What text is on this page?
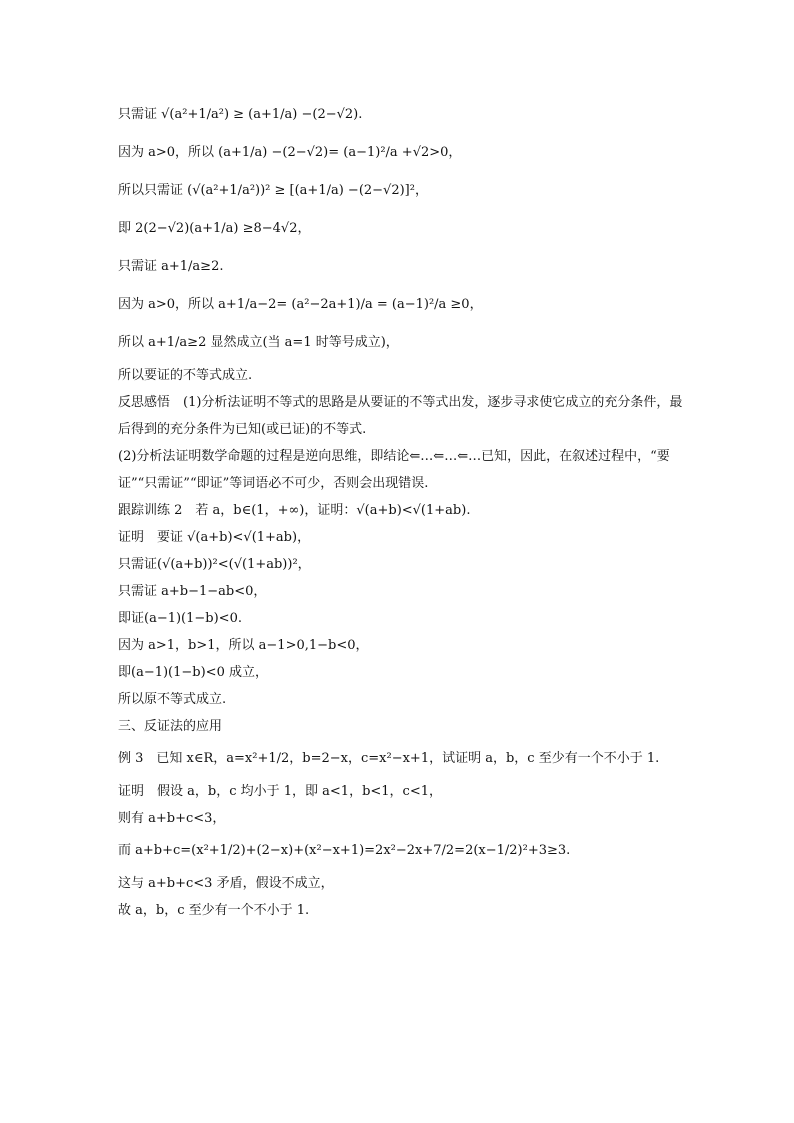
只需证 √(a²+1/a²) ≥ (a+1/a) −(2−√2).
因为 a>0，所以 (a+1/a) −(2−√2)= (a−1)²/a +√2>0，
所以只需证 (√(a²+1/a²))² ≥ [(a+1/a) −(2−√2)]²，
即 2(2−√2)(a+1/a) ≥8−4√2，
只需证 a+1/a≥2.
因为 a>0，所以 a+1/a−2= (a²−2a+1)/a = (a−1)²/a ≥0，
所以 a+1/a≥2 显然成立(当 a=1 时等号成立)，
所以要证的不等式成立.
反思感悟　(1)分析法证明不等式的思路是从要证的不等式出发，逐步寻求使它成立的充分条件，最后得到的充分条件为已知(或已证)的不等式.
(2)分析法证明数学命题的过程是逆向思维，即结论⇐…⇐…⇐…已知，因此，在叙述过程中，“要证”“只需证”“即证”等词语必不可少，否则会出现错误.
跟踪训练 2　若 a，b∈(1，+∞)，证明：√(a+b)<√(1+ab).
证明　要证 √(a+b)<√(1+ab)，
只需证(√(a+b))²<(√(1+ab))²，
只需证 a+b−1−ab<0，
即证(a−1)(1−b)<0.
因为 a>1，b>1，所以 a−1>0,1−b<0，
即(a−1)(1−b)<0 成立，
所以原不等式成立.
三、反证法的应用
例 3　已知 x∈R，a=x²+1/2，b=2−x，c=x²−x+1，试证明 a，b，c 至少有一个不小于 1.
证明　假设 a，b，c 均小于 1，即 a<1，b<1，c<1，
则有 a+b+c<3，
而 a+b+c=(x²+1/2)+(2−x)+(x²−x+1)=2x²−2x+7/2=2(x−1/2)²+3≥3.
这与 a+b+c<3 矛盾，假设不成立，
故 a，b，c 至少有一个不小于 1.
